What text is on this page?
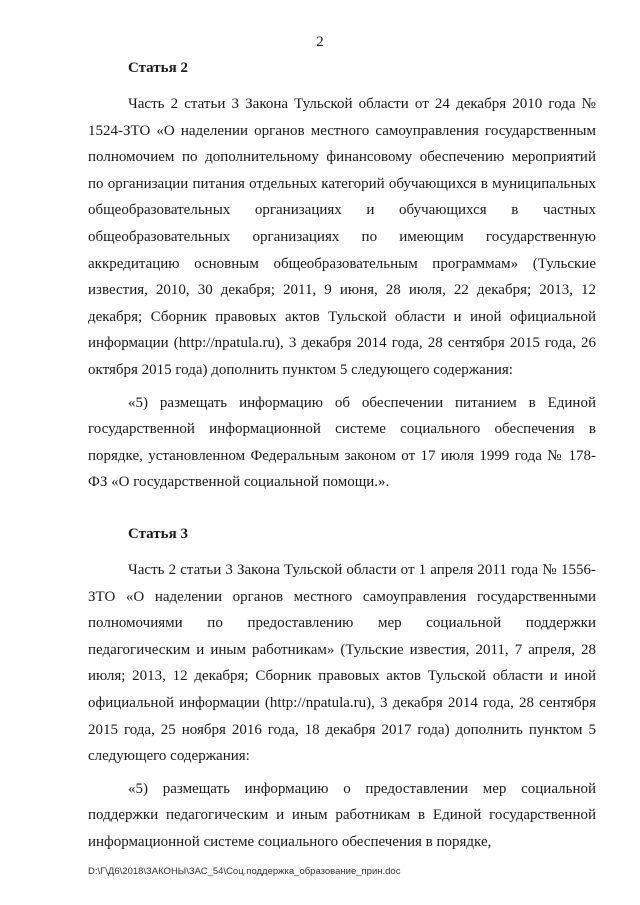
2
Статья 2

Часть 2 статьи 3 Закона Тульской области от 24 декабря 2010 года № 1524-ЗТО «О наделении органов местного самоуправления государственным полномочием по дополнительному финансовому обеспечению мероприятий по организации питания отдельных категорий обучающихся в муниципальных общеобразовательных организациях и обучающихся в частных общеобразовательных организациях по имеющим государственную аккредитацию основным общеобразовательным программам» (Тульские известия, 2010, 30 декабря; 2011, 9 июня, 28 июля, 22 декабря; 2013, 12 декабря; Сборник правовых актов Тульской области и иной официальной информации (http://npatula.ru), 3 декабря 2014 года, 28 сентября 2015 года, 26 октября 2015 года) дополнить пунктом 5 следующего содержания:

«5) размещать информацию об обеспечении питанием в Единой государственной информационной системе социального обеспечения в порядке, установленном Федеральным законом от 17 июля 1999 года № 178-ФЗ «О государственной социальной помощи.».

Статья 3

Часть 2 статьи 3 Закона Тульской области от 1 апреля 2011 года № 1556-ЗТО «О наделении органов местного самоуправления государственными полномочиями по предоставлению мер социальной поддержки педагогическим и иным работникам» (Тульские известия, 2011, 7 апреля, 28 июля; 2013, 12 декабря; Сборник правовых актов Тульской области и иной официальной информации (http://npatula.ru), 3 декабря 2014 года, 28 сентября 2015 года, 25 ноября 2016 года, 18 декабря 2017 года) дополнить пунктом 5 следующего содержания:

«5) размещать информацию о предоставлении мер социальной поддержки педагогическим и иным работникам в Единой государственной информационной системе социального обеспечения в порядке,

D:\Г\Д6\2018\ЗАКОНЫ\ЗАС_54\Соц.поддержка_образование_прин.doc
